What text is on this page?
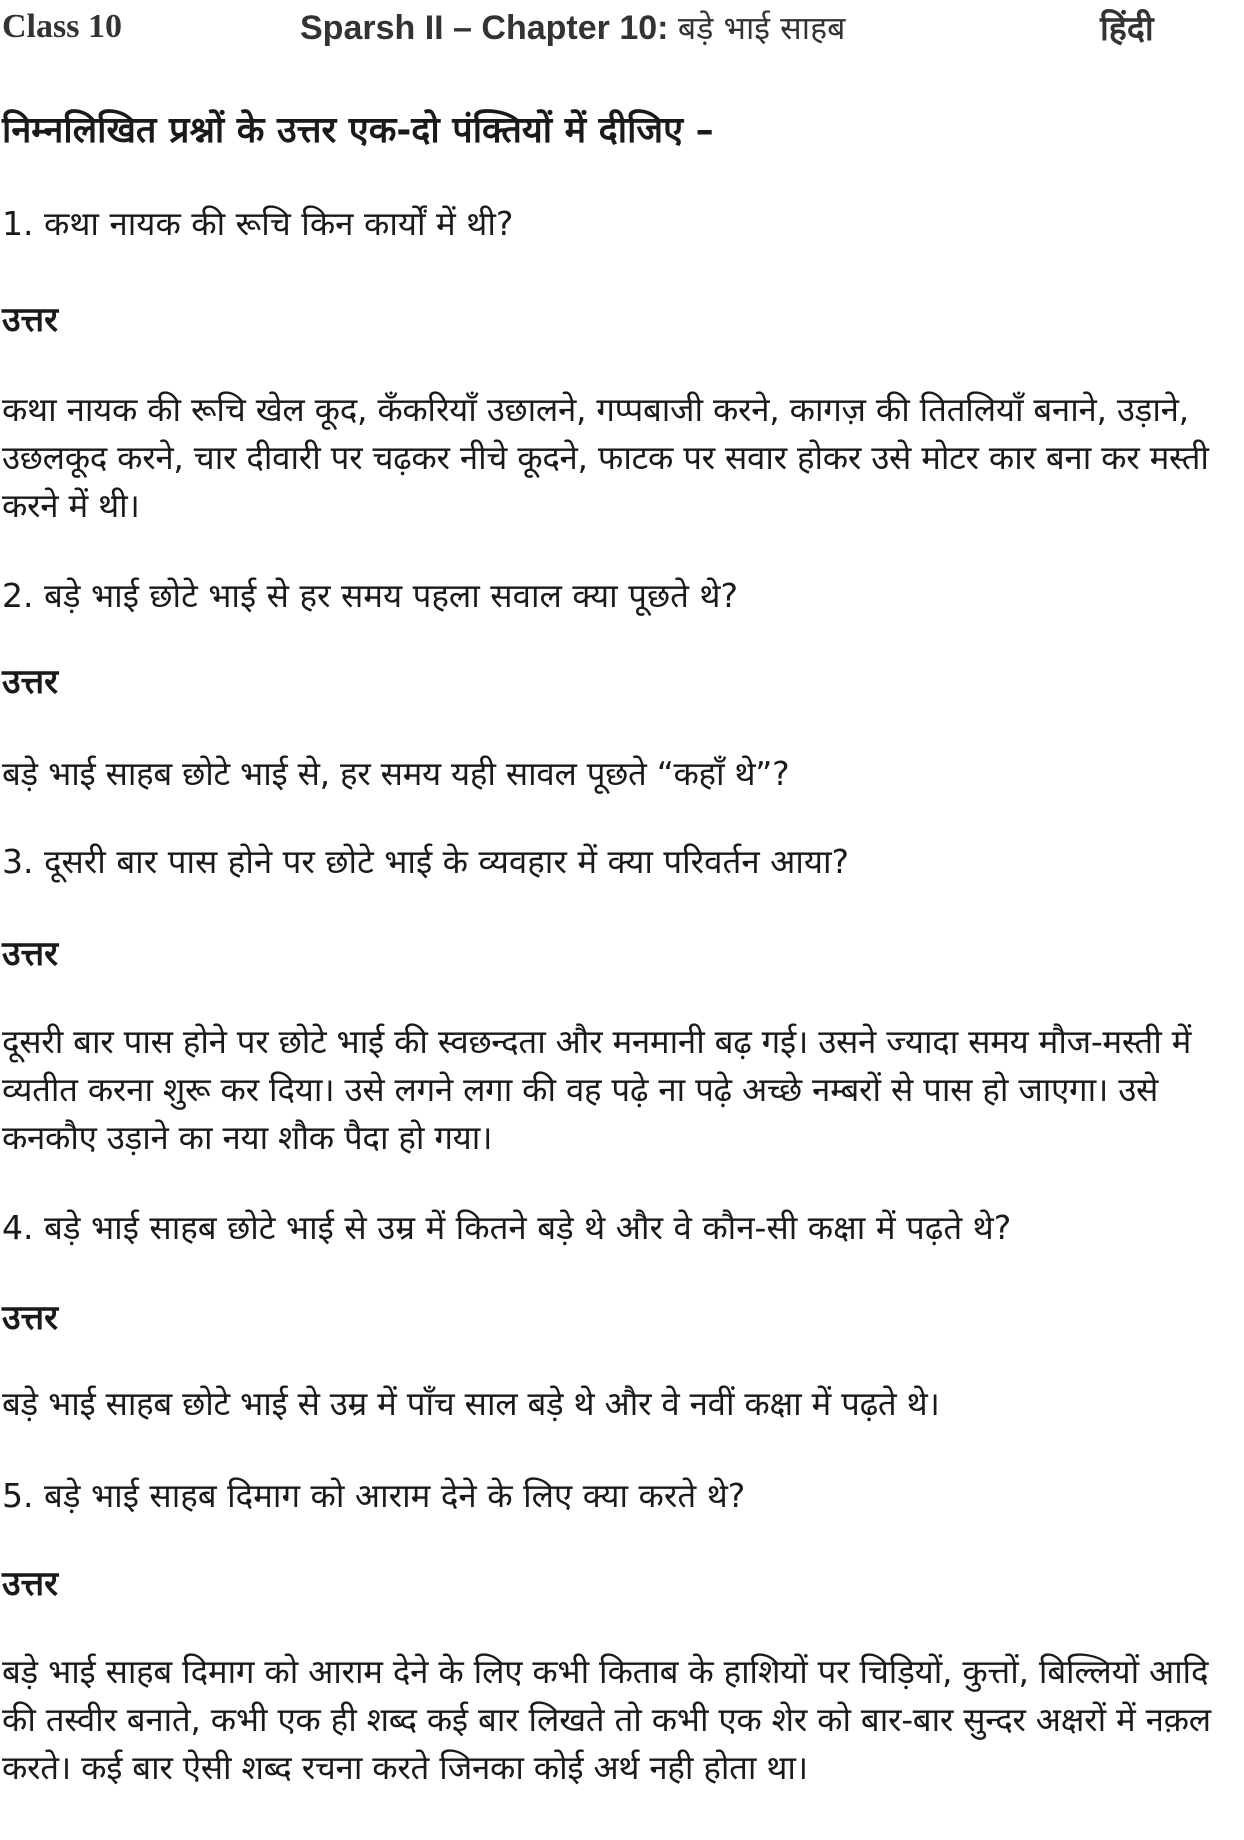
Class 10	Sparsh II – Chapter 10: बड़े भाई साहब	हिंदी
निम्नलिखित प्रश्नों के उत्तर एक-दो पंक्तियों में दीजिए –
1. कथा नायक की रूचि किन कार्यों में थी?
उत्तर
कथा नायक की रूचि खेल कूद, कँकरियाँ उछालने, गप्पबाजी करने, कागज़ की तितलियाँ बनाने, उड़ाने, उछलकूद करने, चार दीवारी पर चढ़कर नीचे कूदने, फाटक पर सवार होकर उसे मोटर कार बना कर मस्ती करने में थी।
2. बड़े भाई छोटे भाई से हर समय पहला सवाल क्या पूछते थे?
उत्तर
बड़े भाई साहब छोटे भाई से, हर समय यही सावल पूछते “कहाँ थे”?
3. दूसरी बार पास होने पर छोटे भाई के व्यवहार में क्या परिवर्तन आया?
उत्तर
दूसरी बार पास होने पर छोटे भाई की स्वछन्दता और मनमानी बढ़ गई। उसने ज्यादा समय मौज-मस्ती में व्यतीत करना शुरू कर दिया। उसे लगने लगा की वह पढ़े ना पढ़े अच्छे नम्बरों से पास हो जाएगा। उसे कनकौए उड़ाने का नया शौक पैदा हो गया।
4. बड़े भाई साहब छोटे भाई से उम्र में कितने बड़े थे और वे कौन-सी कक्षा में पढ़ते थे?
उत्तर
बड़े भाई साहब छोटे भाई से उम्र में पाँच साल बड़े थे और वे नवीं कक्षा में पढ़ते थे।
5. बड़े भाई साहब दिमाग को आराम देने के लिए क्या करते थे?
उत्तर
बड़े भाई साहब दिमाग को आराम देने के लिए कभी किताब के हाशियों पर चिड़ियों, कुत्तों, बिल्लियों आदि की तस्वीर बनाते, कभी एक ही शब्द कई बार लिखते तो कभी एक शेर को बार-बार सुन्दर अक्षरों में नक़ल करते। कई बार ऐसी शब्द रचना करते जिनका कोई अर्थ नही होता था।
